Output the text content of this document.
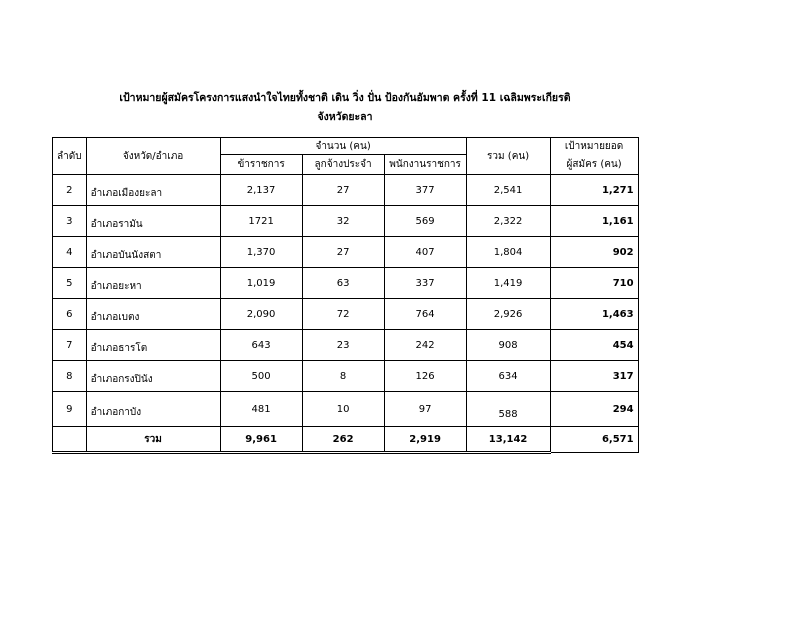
เป้าหมายผู้สมัครโครงการแสงนำใจไทยทั้งชาติ เดิน วิ่ง ปั่น ป้องกันอัมพาต ครั้งที่ 11 เฉลิมพระเกียรติ
จังหวัดยะลา
ลำดับ	จังหวัด/อำเภอ	จำนวน (คน)			รวม (คน)	เป้าหมายยอด
ผู้สมัคร (คน)

		ข้าราชการ	ลูกจ้างประจำ	พนักงานราชการ		
2	อำเภอเมืองยะลา	2,137	27	377	2,541	1,271
3	อำเภอรามัน	1721	32	569	2,322	1,161
4	อำเภอบันนังสตา	1,370	27	407	1,804	902
5	อำเภอยะหา	1,019	63	337	1,419	710
6	อำเภอเบตง	2,090	72	764	2,926	1,463
7	อำเภอธารโต	643	23	242	908	454
8	อำเภอกรงปินัง	500	8	126	634	317
9	อำเภอกาบัง	481	10	97	588	294
	รวม	9,961	262	2,919	13,142	6,571
